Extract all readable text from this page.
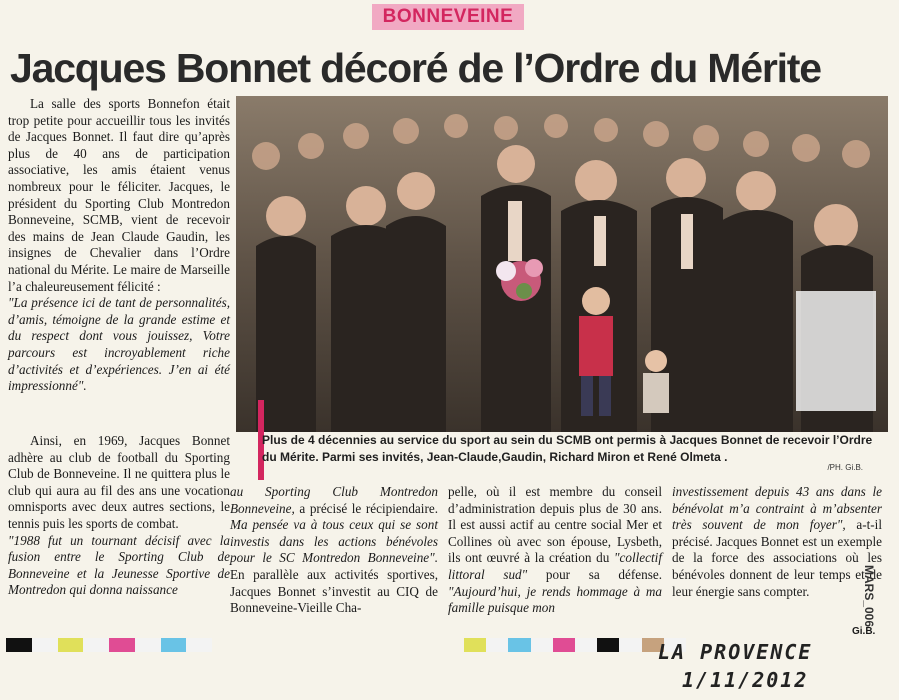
BONNEVEINE
Jacques Bonnet décoré de l’Ordre du Mérite

La salle des sports Bonnefon était trop petite pour accueillir tous les invités de Jacques Bonnet. Il faut dire qu’après plus de 40 ans de participation associative, les amis étaient venus nombreux pour le féliciter. Jacques, le président du Sporting Club Montredon Bonneveine, SCMB, vient de recevoir des mains de Jean Claude Gaudin, les insignes de Chevalier dans l’Ordre national du Mérite. Le maire de Marseille l’a chaleureusement félicité :

"La présence ici de tant de personnalités, d’amis, témoigne de la grande estime et du respect dont vous jouissez, Votre parcours est incroyablement riche d’activités et d’expériences. J’en ai été impressionné".

Ainsi, en 1969, Jacques Bonnet adhère au club de football du Sporting Club de Bonneveine. Il ne quittera plus le club qui aura au fil des ans une vocation omnisports avec deux autres sections, le tennis puis les sports de combat.

"1988 fut un tournant décisif avec la fusion entre le Sporting Club de Bonneveine et la Jeunesse Sportive de Montredon qui donna naissance

Plus de 4 décennies au service du sport au sein du SCMB ont permis à Jacques Bonnet de recevoir l’Ordre du Mérite. Parmi ses invités, Jean-Claude,Gaudin, Richard Miron et René Olmeta .
/PH. Gi.B.

au Sporting Club Montredon Bonneveine, a précisé le récipiendaire. Ma pensée va à tous ceux qui se sont investis dans les actions bénévoles pour le SC Montredon Bonneveine". En parallèle aux activités sportives, Jacques Bonnet s’investit au CIQ de Bonneveine-Vieille Cha-

pelle, où il est membre du conseil d’administration depuis plus de 30 ans. Il est aussi actif au centre social Mer et Collines où avec son épouse, Lysbeth, ils ont œuvré à la création du "collectif littoral sud" pour sa défense. "Aujourd’hui, je rends hommage à ma famille puisque mon

investissement depuis 43 ans dans le bénévolat m’a contraint à m’absenter très souvent de mon foyer", a-t-il précisé. Jacques Bonnet est un exemple de la force des associations où les bénévoles donnent de leur temps et de leur énergie sans compter.

Gi.B.
MARS_006
LA PROVENCE
1/11/2012
